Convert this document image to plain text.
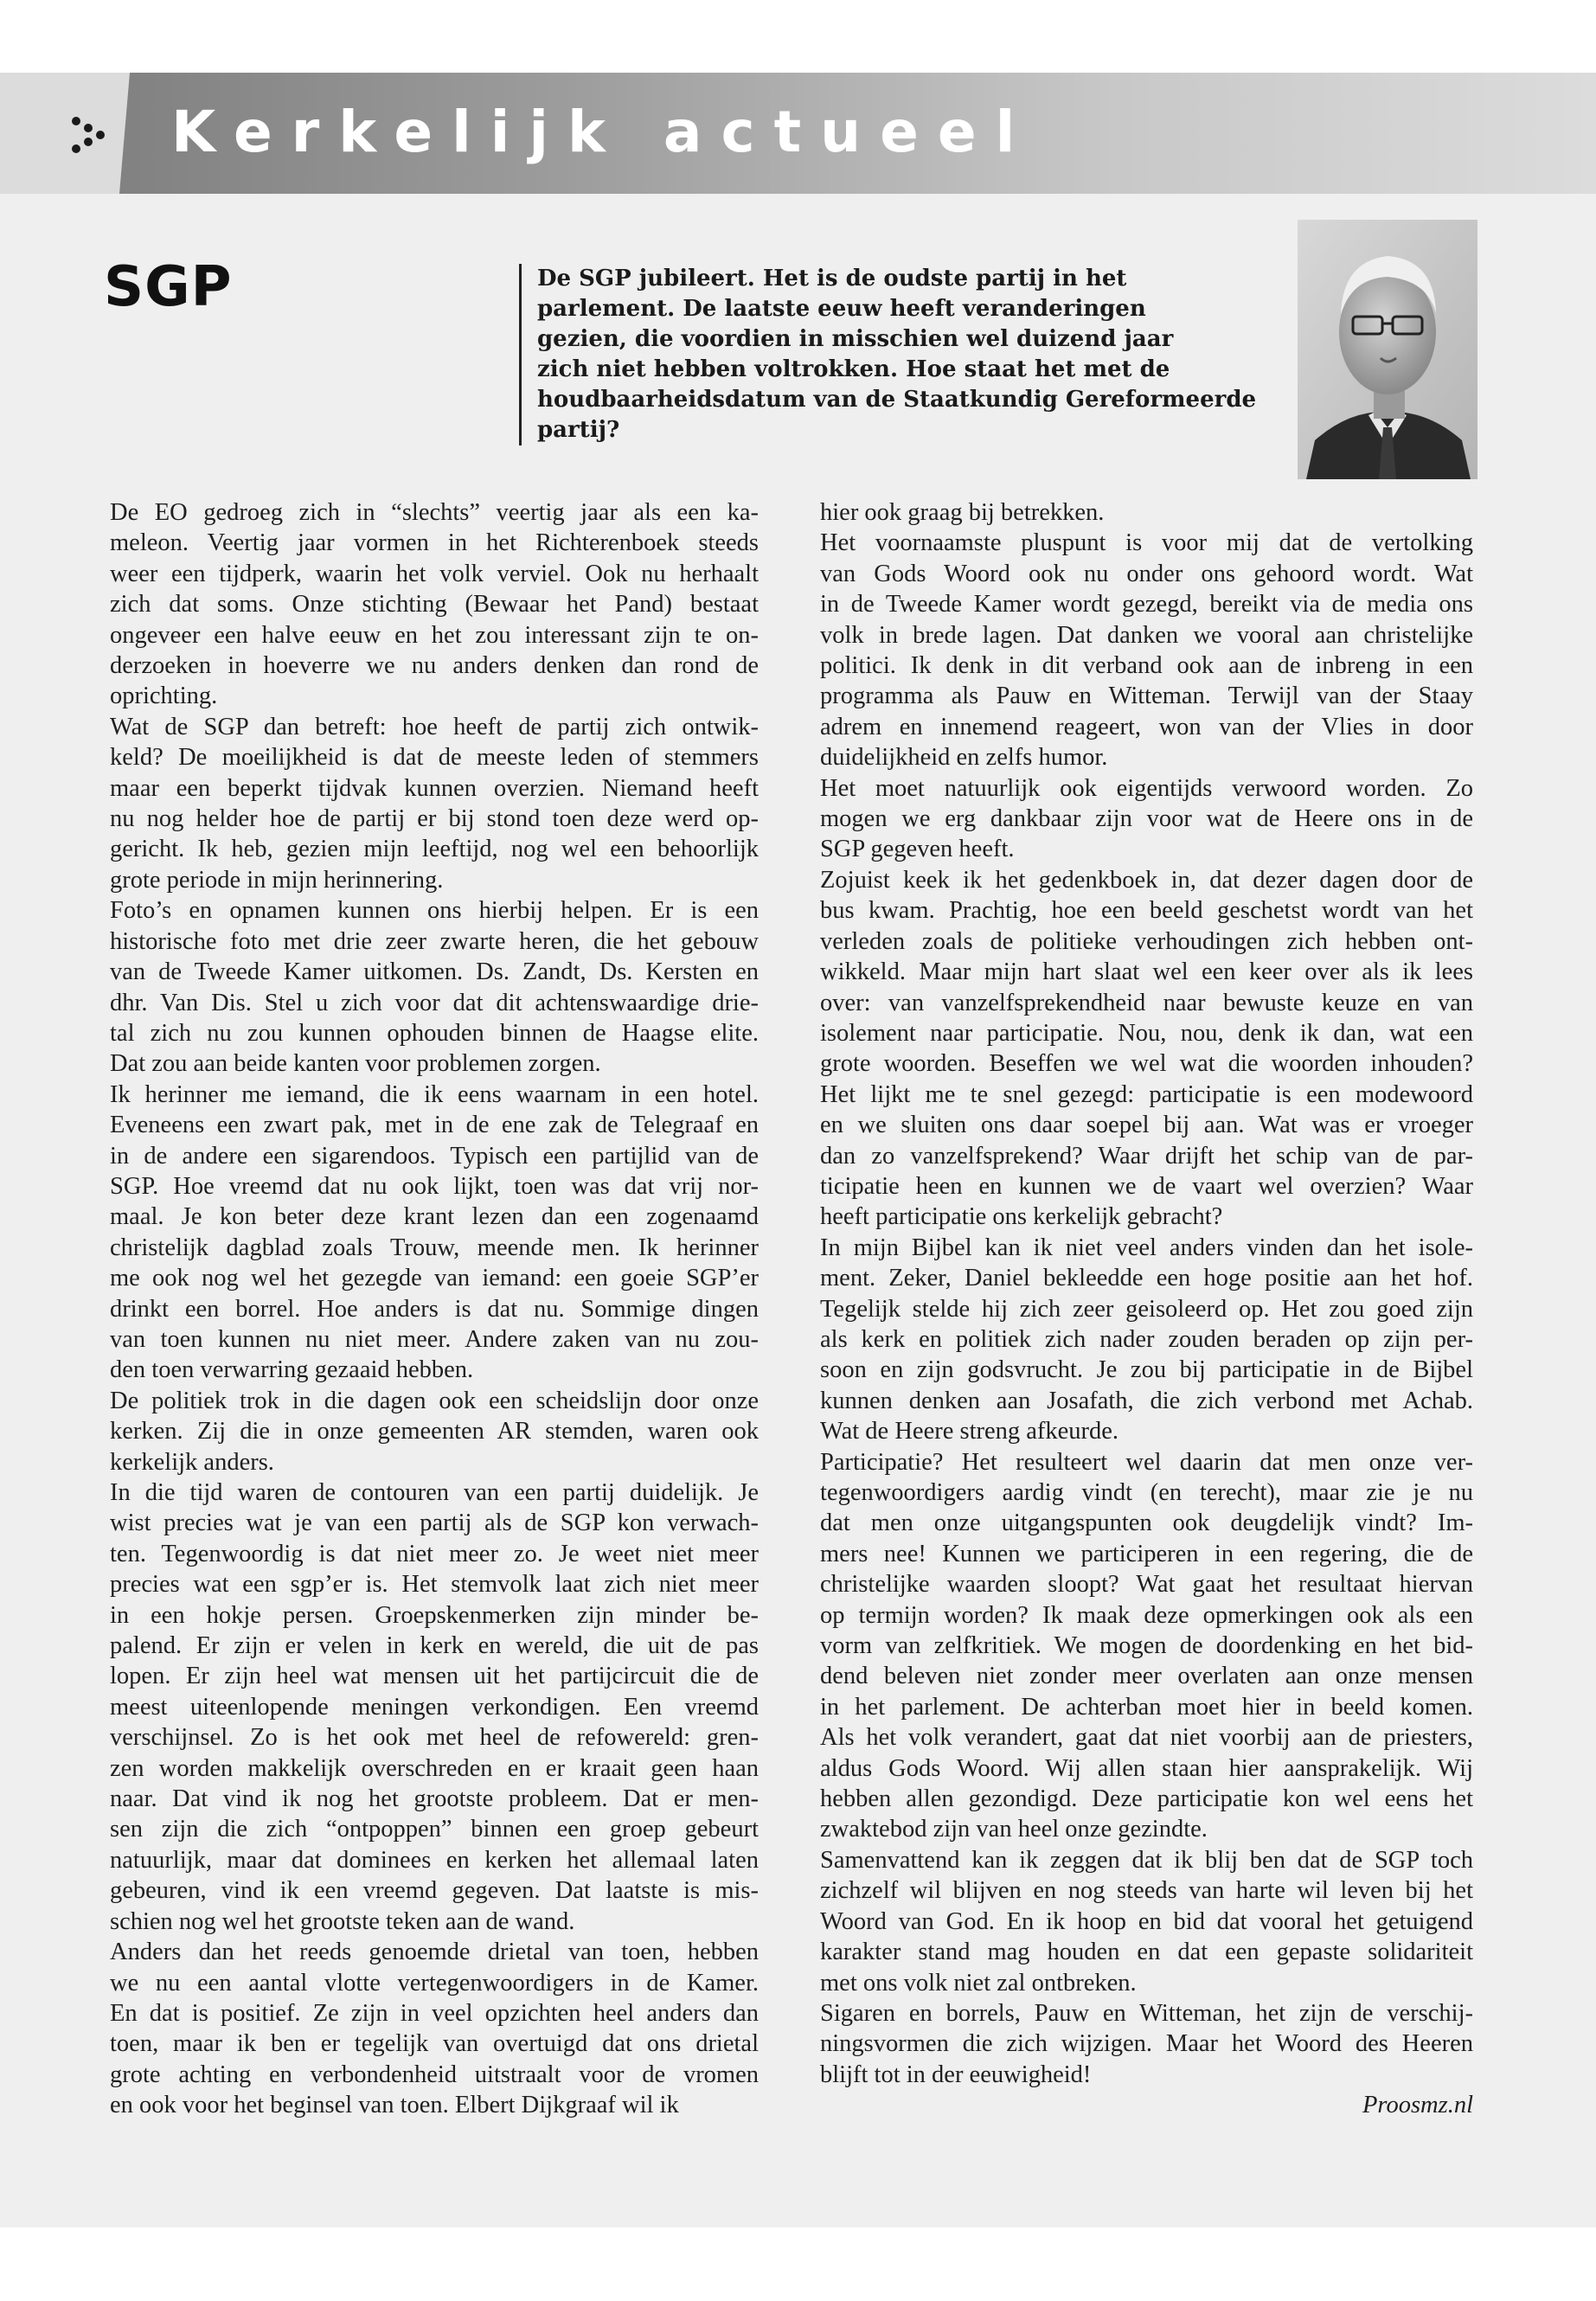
Kerkelijk actueel
SGP	De SGP jubileert. Het is de oudste partij in het
parlement. De laatste eeuw heeft veranderingen
gezien, die voordien in misschien wel duizend jaar
zich niet hebben voltrokken. Hoe staat het met de
houdbaarheidsdatum van de Staatkundig Gereformeerde
partij?
De EO gedroeg zich in “slechts” veertig jaar als een ka-
meleon. Veertig jaar vormen in het Richterenboek steeds
weer een tijdperk, waarin het volk verviel. Ook nu herhaalt
zich dat soms. Onze stichting (Bewaar het Pand) bestaat
ongeveer een halve eeuw en het zou interessant zijn te on-
derzoeken in hoeverre we nu anders denken dan rond de
oprichting.
Wat de SGP dan betreft: hoe heeft de partij zich ontwik-
keld? De moeilijkheid is dat de meeste leden of stemmers
maar een beperkt tijdvak kunnen overzien. Niemand heeft
nu nog helder hoe de partij er bij stond toen deze werd op-
gericht. Ik heb, gezien mijn leeftijd, nog wel een behoorlijk
grote periode in mijn herinnering.
Foto’s en opnamen kunnen ons hierbij helpen. Er is een
historische foto met drie zeer zwarte heren, die het gebouw
van de Tweede Kamer uitkomen. Ds. Zandt, Ds. Kersten en
dhr. Van Dis. Stel u zich voor dat dit achtenswaardige drie-
tal zich nu zou kunnen ophouden binnen de Haagse elite.
Dat zou aan beide kanten voor problemen zorgen.
Ik herinner me iemand, die ik eens waarnam in een hotel.
Eveneens een zwart pak, met in de ene zak de Telegraaf en
in de andere een sigarendoos. Typisch een partijlid van de
SGP. Hoe vreemd dat nu ook lijkt, toen was dat vrij nor-
maal. Je kon beter deze krant lezen dan een zogenaamd
christelijk dagblad zoals Trouw, meende men. Ik herinner
me ook nog wel het gezegde van iemand: een goeie SGP’er
drinkt een borrel. Hoe anders is dat nu. Sommige dingen
van toen kunnen nu niet meer. Andere zaken van nu zou-
den toen verwarring gezaaid hebben.
De politiek trok in die dagen ook een scheidslijn door onze
kerken. Zij die in onze gemeenten AR stemden, waren ook
kerkelijk anders.
In die tijd waren de contouren van een partij duidelijk. Je
wist precies wat je van een partij als de SGP kon verwach-
ten. Tegenwoordig is dat niet meer zo. Je weet niet meer
precies wat een sgp’er is. Het stemvolk laat zich niet meer
in een hokje persen. Groepskenmerken zijn minder be-
palend. Er zijn er velen in kerk en wereld, die uit de pas
lopen. Er zijn heel wat mensen uit het partijcircuit die de
meest uiteenlopende meningen verkondigen. Een vreemd
verschijnsel. Zo is het ook met heel de refowereld: gren-
zen worden makkelijk overschreden en er kraait geen haan
naar. Dat vind ik nog het grootste probleem. Dat er men-
sen zijn die zich “ontpoppen” binnen een groep gebeurt
natuurlijk, maar dat dominees en kerken het allemaal laten
gebeuren, vind ik een vreemd gegeven. Dat laatste is mis-
schien nog wel het grootste teken aan de wand.
Anders dan het reeds genoemde drietal van toen, hebben
we nu een aantal vlotte vertegenwoordigers in de Kamer.
En dat is positief. Ze zijn in veel opzichten heel anders dan
toen, maar ik ben er tegelijk van overtuigd dat ons drietal
grote achting en verbondenheid uitstraalt voor de vromen
en ook voor het beginsel van toen. Elbert Dijkgraaf wil ik
hier ook graag bij betrekken.
Het voornaamste pluspunt is voor mij dat de vertolking
van Gods Woord ook nu onder ons gehoord wordt. Wat
in de Tweede Kamer wordt gezegd, bereikt via de media ons
volk in brede lagen. Dat danken we vooral aan christelijke
politici. Ik denk in dit verband ook aan de inbreng in een
programma als Pauw en Witteman. Terwijl van der Staay
adrem en innemend reageert, won van der Vlies in door
duidelijkheid en zelfs humor.
Het moet natuurlijk ook eigentijds verwoord worden. Zo
mogen we erg dankbaar zijn voor wat de Heere ons in de
SGP gegeven heeft.
Zojuist keek ik het gedenkboek in, dat dezer dagen door de
bus kwam. Prachtig, hoe een beeld geschetst wordt van het
verleden zoals de politieke verhoudingen zich hebben ont-
wikkeld. Maar mijn hart slaat wel een keer over als ik lees
over: van vanzelfsprekendheid naar bewuste keuze en van
isolement naar participatie. Nou, nou, denk ik dan, wat een
grote woorden. Beseffen we wel wat die woorden inhouden?
Het lijkt me te snel gezegd: participatie is een modewoord
en we sluiten ons daar soepel bij aan. Wat was er vroeger
dan zo vanzelfsprekend? Waar drijft het schip van de par-
ticipatie heen en kunnen we de vaart wel overzien? Waar
heeft participatie ons kerkelijk gebracht?
In mijn Bijbel kan ik niet veel anders vinden dan het isole-
ment. Zeker, Daniel bekleedde een hoge positie aan het hof.
Tegelijk stelde hij zich zeer geisoleerd op. Het zou goed zijn
als kerk en politiek zich nader zouden beraden op zijn per-
soon en zijn godsvrucht. Je zou bij participatie in de Bijbel
kunnen denken aan Josafath, die zich verbond met Achab.
Wat de Heere streng afkeurde.
Participatie? Het resulteert wel daarin dat men onze ver-
tegenwoordigers aardig vindt (en terecht), maar zie je nu
dat men onze uitgangspunten ook deugdelijk vindt? Im-
mers nee! Kunnen we participeren in een regering, die de
christelijke waarden sloopt? Wat gaat het resultaat hiervan
op termijn worden? Ik maak deze opmerkingen ook als een
vorm van zelfkritiek. We mogen de doordenking en het bid-
dend beleven niet zonder meer overlaten aan onze mensen
in het parlement. De achterban moet hier in beeld komen.
Als het volk verandert, gaat dat niet voorbij aan de priesters,
aldus Gods Woord. Wij allen staan hier aansprakelijk. Wij
hebben allen gezondigd. Deze participatie kon wel eens het
zwaktebod zijn van heel onze gezindte.
Samenvattend kan ik zeggen dat ik blij ben dat de SGP toch
zichzelf wil blijven en nog steeds van harte wil leven bij het
Woord van God. En ik hoop en bid dat vooral het getuigend
karakter stand mag houden en dat een gepaste solidariteit
met ons volk niet zal ontbreken.
Sigaren en borrels, Pauw en Witteman, het zijn de verschij-
ningsvormen die zich wijzigen. Maar het Woord des Heeren
blijft tot in der eeuwigheid!
Proosmz.nl
